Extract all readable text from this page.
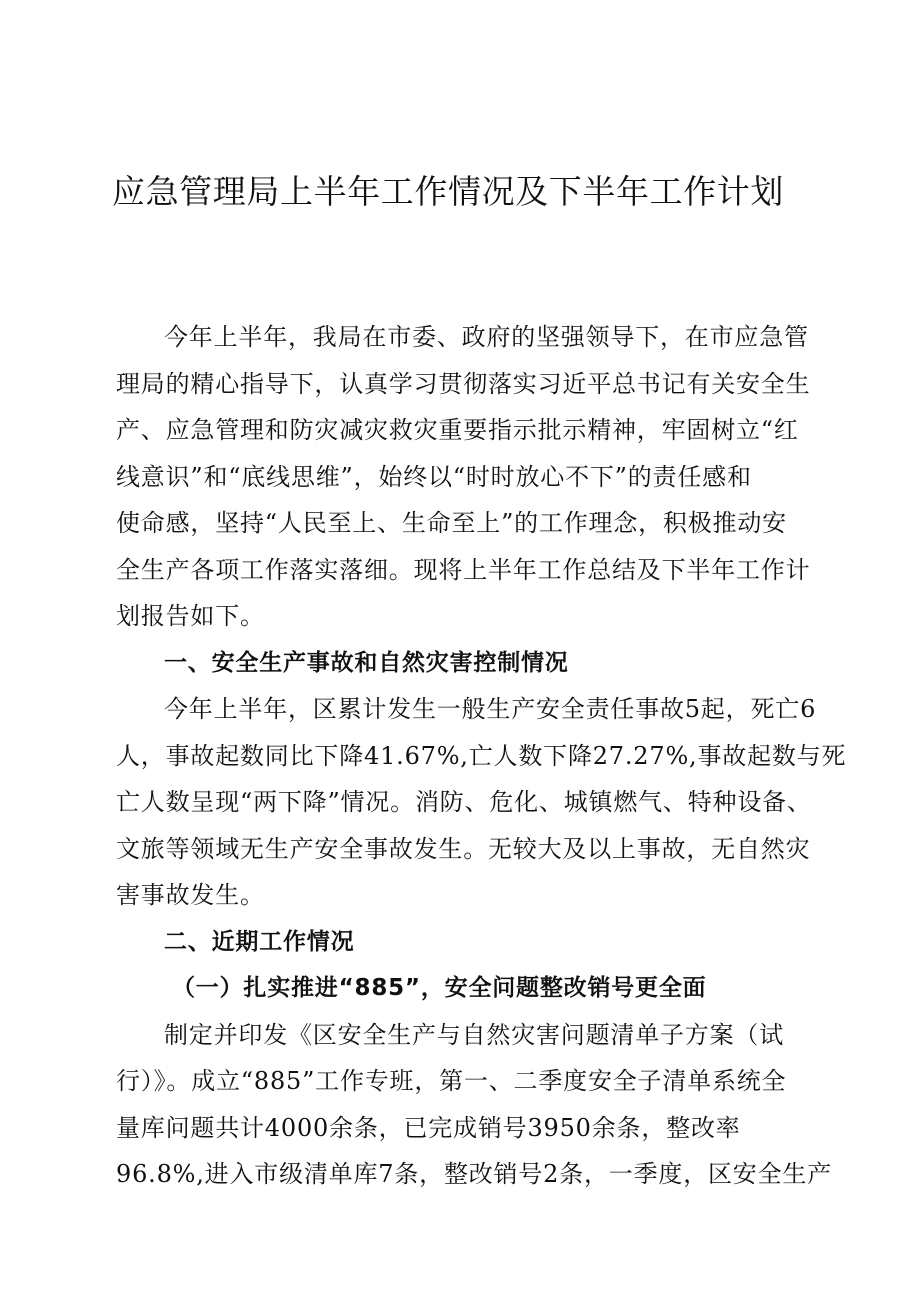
应急管理局上半年工作情况及下半年工作计划
今年上半年，我局在市委、政府的坚强领导下，在市应急管
理局的精心指导下，认真学习贯彻落实习近平总书记有关安全生
产、应急管理和防灾减灾救灾重要指示批示精神，牢固树立“红
线意识”和“底线思维”，始终以“时时放心不下”的责任感和
使命感，坚持“人民至上、生命至上”的工作理念，积极推动安
全生产各项工作落实落细。现将上半年工作总结及下半年工作计
划报告如下。
一、安全生产事故和自然灾害控制情况
今年上半年，区累计发生一般生产安全责任事故5起，死亡6
人，事故起数同比下降41.67%,亡人数下降27.27%,事故起数与死
亡人数呈现“两下降”情况。消防、危化、城镇燃气、特种设备、
文旅等领域无生产安全事故发生。无较大及以上事故，无自然灾
害事故发生。
二、近期工作情况
（一）扎实推进“885”，安全问题整改销号更全面
制定并印发《区安全生产与自然灾害问题清单子方案（试
行）》。成立“885”工作专班，第一、二季度安全子清单系统全
量库问题共计4000余条，已完成销号3950余条，整改率
96.8%,进入市级清单库7条，整改销号2条，一季度，区安全生产
